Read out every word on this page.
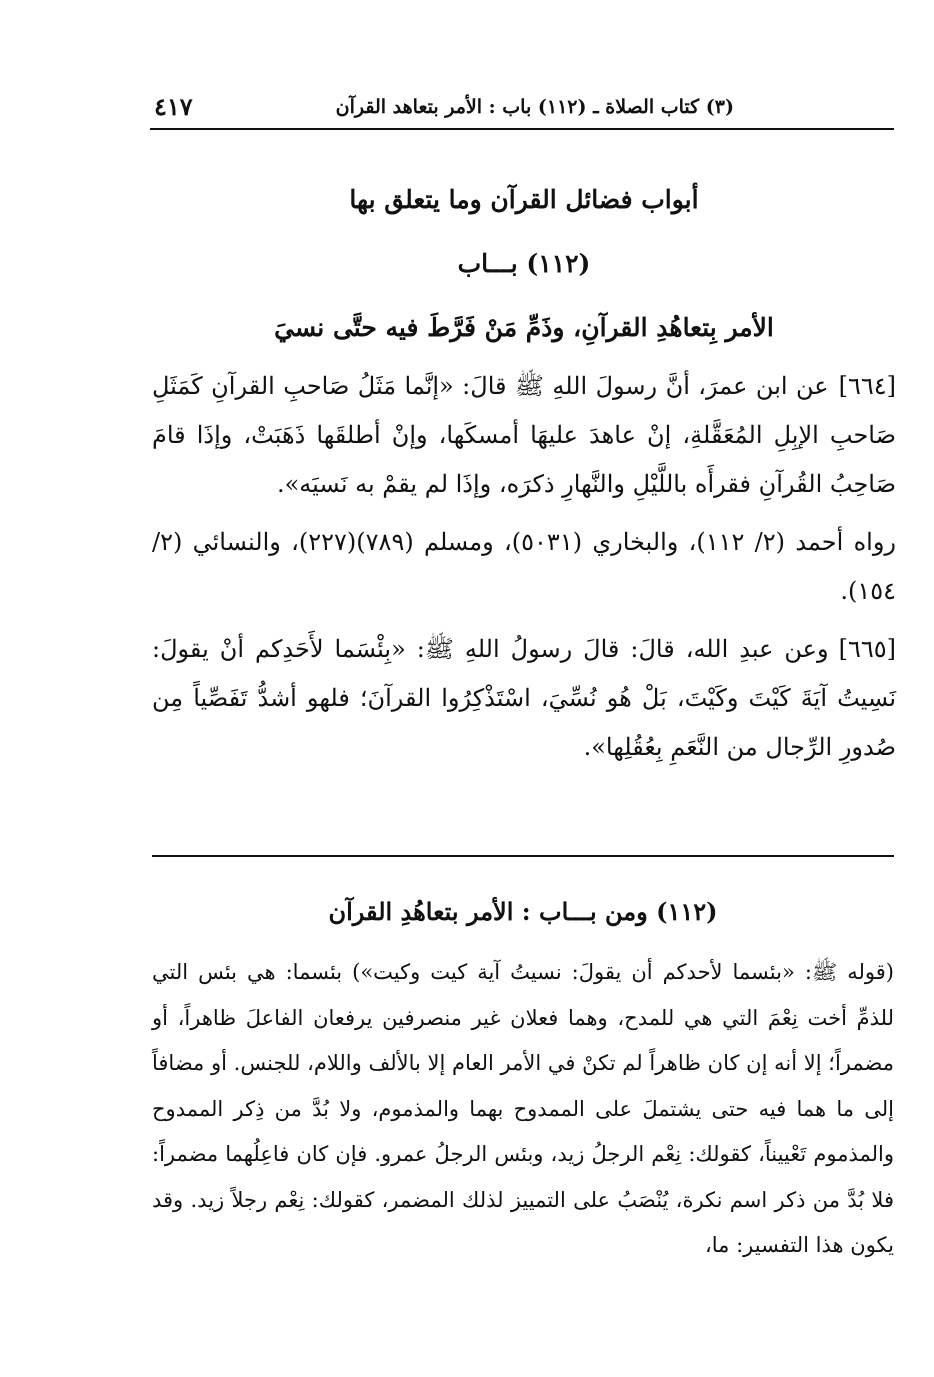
(٣) كتاب الصلاة ـ (١١٢) باب : الأمر بتعاهد القرآن
٤١٧
أبواب فضائل القرآن وما يتعلق بها
(١١٢) بـــاب
الأمر بِتعاهُدِ القرآنِ، وذَمِّ مَنْ فَرَّطَ فيه حتَّى نسيَ

[٦٦٤]عن ابن عمرَ، أنَّ رسولَ اللهِ ﷺ قالَ: «إنَّما مَثَلُ صَاحبِ القرآنِ كَمَثَلِ صَاحبِ الإبِلِ المُعَقَّلةِ، إنْ عاهدَ عليهَا أمسكَها، وإنْ أطلقَها ذَهَبَتْ، وإذَا قامَ صَاحِبُ القُرآنِ فقرأَه باللَّيْلِ والنَّهارِ ذكرَه، وإذَا لم يقمْ به نَسيَه».

رواه أحمد (٢/ ١١٢)، والبخاري (٥٠٣١)، ومسلم (٧٨٩)(٢٢٧)، والنسائي (٢/ ١٥٤).

[٦٦٥]وعن عبدِ الله، قالَ: قالَ رسولُ اللهِ ﷺ: «بِئْسَما لأَحَدِكم أنْ يقولَ: نَسِيتُ آيَةَ كَيْتَ وكَيْتَ، بَلْ هُو نُسِّيَ، اسْتَذْكِرُوا القرآنَ؛ فلهو أشدُّ تَفَصِّياً مِن صُدورِ الرِّجال من النَّعَمِ بِعُقُلِها».

(١١٢) ومن بـــاب : الأمر بتعاهُدِ القرآن

(قوله ﷺ: «بئسما لأحدكم أن يقولَ: نسيتُ آية كيت وكيت») بئسما: هي بئس التي للذمِّ أخت نِعْمَ التي هي للمدح، وهما فعلان غير منصرفين يرفعان الفاعلَ ظاهراً، أو مضمراً؛ إلا أنه إن كان ظاهراً لم تكنْ في الأمر العام إلا بالألف واللام، للجنس. أو مضافاً إلى ما هما فيه حتى يشتملَ على الممدوح بهما والمذموم، ولا بُدَّ من ذِكر الممدوح والمذموم تَعْييناً، كقولك: نِعْم الرجلُ زيد، وبئس الرجلُ عمرو. فإن كان فاعِلُهما مضمراً: فلا بُدَّ من ذكر اسم نكرة، يُنْصَبُ على التمييز لذلك المضمر، كقولك: نِعْم رجلاً زيد. وقد يكون هذا التفسير: ما،
